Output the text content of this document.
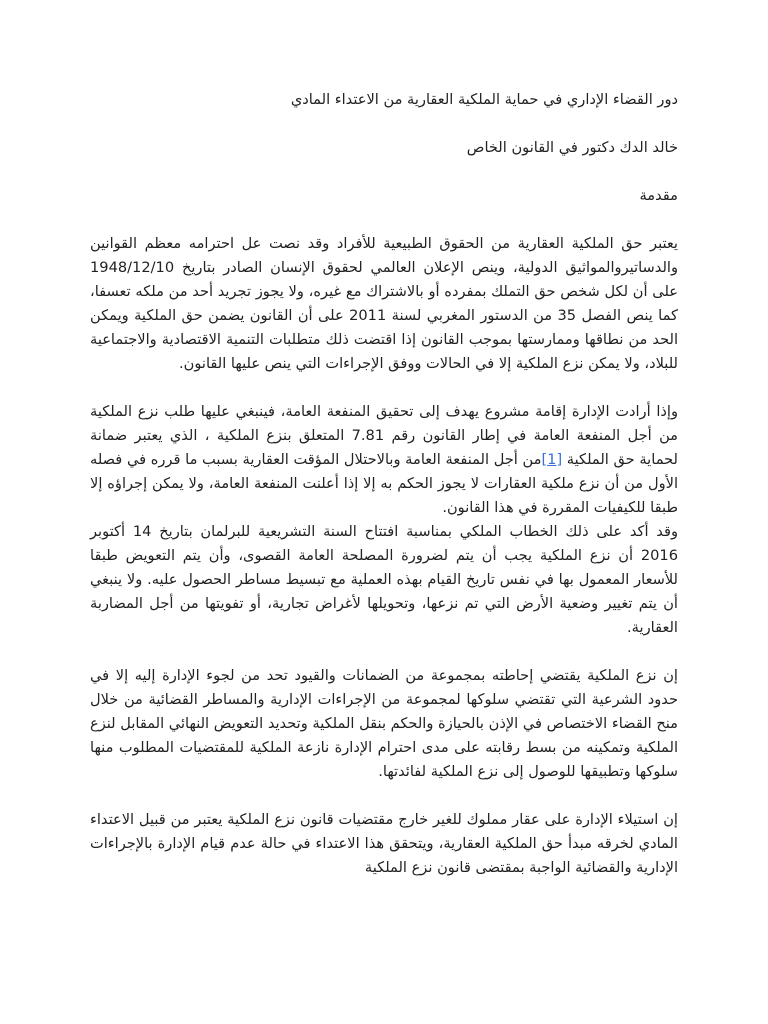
دور القضاء الإداري في حماية الملكية العقارية من الاعتداء المادي

خالد الدك دكتور في القانون الخاص

مقدمة

يعتبر حق الملكية العقارية من الحقوق الطبيعية للأفراد وقد نصت عل احترامه معظم القوانين والدساتيروالمواثيق الدولية، وينص الإعلان العالمي لحقوق الإنسان الصادر بتاريخ 1948/12/10 على أن لكل شخص حق التملك بمفرده أو بالاشتراك مع غيره، ولا يجوز تجريد أحد من ملكه تعسفا، كما ينص الفصل 35 من الدستور المغربي لسنة 2011 على أن القانون يضمن حق الملكية ويمكن الحد من نطاقها وممارستها بموجب القانون إذا اقتضت ذلك متطلبات التنمية الاقتصادية والاجتماعية للبلاد، ولا يمكن نزع الملكية إلا في الحالات ووفق الإجراءات التي ينص عليها القانون.

وإذا أرادت الإدارة إقامة مشروع يهدف إلى تحقيق المنفعة العامة، فينبغي عليها طلب نزع الملكية من أجل المنفعة العامة في إطار القانون رقم 7.81 المتعلق بنزع الملكية ، الذي يعتبر ضمانة لحماية حق الملكية [1]من أجل المنفعة العامة وبالاحتلال المؤقت العقارية بسبب ما قرره في فصله الأول من أن نزع ملكية العقارات لا يجوز الحكم به إلا إذا أعلنت المنفعة العامة، ولا يمكن إجراؤه إلا طبقا للكيفيات المقررة في هذا القانون.

وقد أكد على ذلك الخطاب الملكي بمناسبة افتتاح السنة التشريعية للبرلمان بتاريخ 14 أكتوبر 2016 أن نزع الملكية يجب أن يتم لضرورة المصلحة العامة القصوى، وأن يتم التعويض طبقا للأسعار المعمول بها في نفس تاريخ القيام بهذه العملية مع تبسيط مساطر الحصول عليه. ولا ينبغي أن يتم تغيير وضعية الأرض التي تم نزعها، وتحويلها لأغراض تجارية، أو تفويتها من أجل المضاربة العقارية.

إن نزع الملكية يقتضي إحاطته بمجموعة من الضمانات والقيود تحد من لجوء الإدارة إليه إلا في حدود الشرعية التي تقتضي سلوكها لمجموعة من الإجراءات الإدارية والمساطر القضائية من خلال منح القضاء الاختصاص في الإذن بالحيازة والحكم بنقل الملكية وتحديد التعويض النهائي المقابل لنزع الملكية وتمكينه من بسط رقابته على مدى احترام الإدارة نازعة الملكية للمقتضيات المطلوب منها سلوكها وتطبيقها للوصول إلى نزع الملكية لفائدتها.

إن استيلاء الإدارة على عقار مملوك للغير خارج مقتضيات قانون نزع الملكية يعتبر من قبيل الاعتداء المادي لخرقه مبدأ حق الملكية العقارية، ويتحقق هذا الاعتداء في حالة عدم قيام الإدارة بالإجراءات الإدارية والقضائية الواجبة بمقتضى قانون نزع الملكية
